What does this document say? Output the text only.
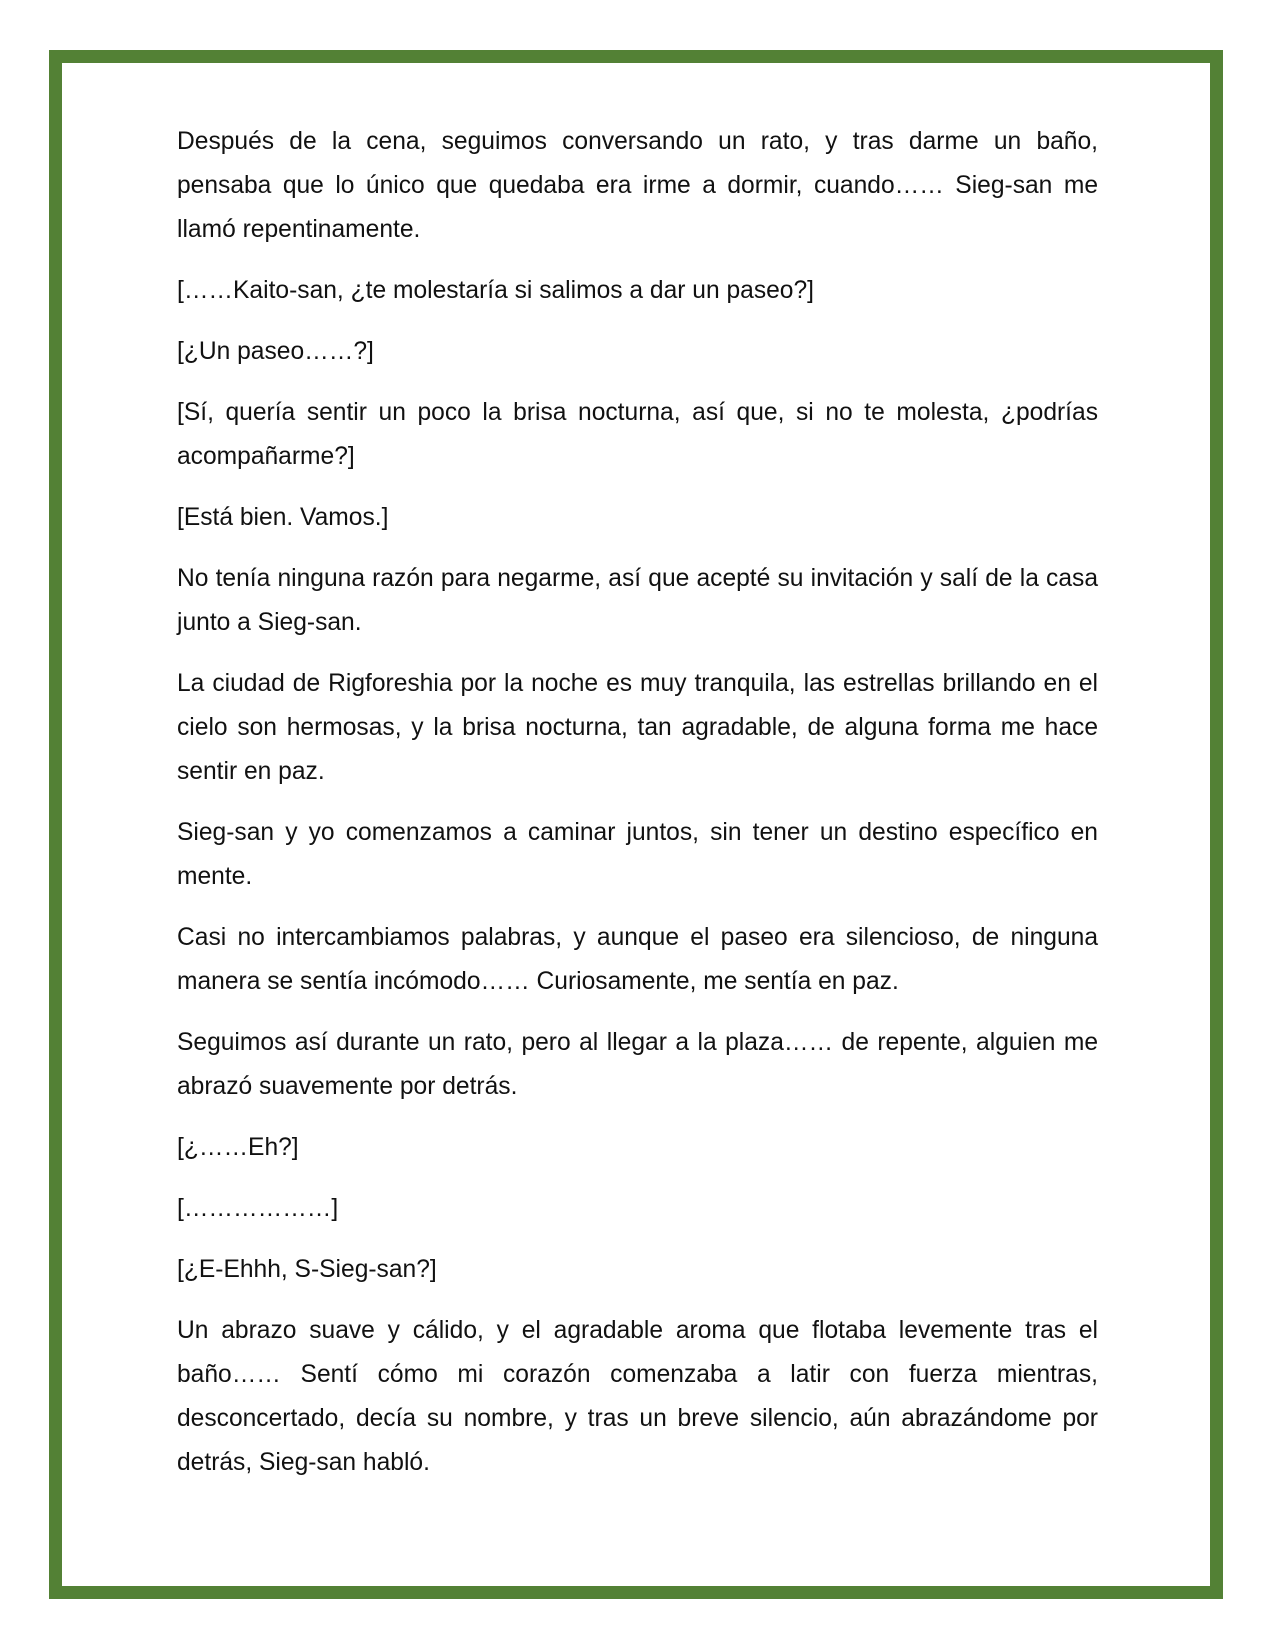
Después de la cena, seguimos conversando un rato, y tras darme un baño, pensaba que lo único que quedaba era irme a dormir, cuando…… Sieg-san me llamó repentinamente.

[……Kaito-san, ¿te molestaría si salimos a dar un paseo?]

[¿Un paseo……?]

[Sí, quería sentir un poco la brisa nocturna, así que, si no te molesta, ¿podrías acompañarme?]

[Está bien. Vamos.]

No tenía ninguna razón para negarme, así que acepté su invitación y salí de la casa junto a Sieg-san.

La ciudad de Rigforeshia por la noche es muy tranquila, las estrellas brillando en el cielo son hermosas, y la brisa nocturna, tan agradable, de alguna forma me hace sentir en paz.

Sieg-san y yo comenzamos a caminar juntos, sin tener un destino específico en mente.

Casi no intercambiamos palabras, y aunque el paseo era silencioso, de ninguna manera se sentía incómodo…… Curiosamente, me sentía en paz.

Seguimos así durante un rato, pero al llegar a la plaza…… de repente, alguien me abrazó suavemente por detrás.

[¿……Eh?]

[………………]

[¿E-Ehhh, S-Sieg-san?]

Un abrazo suave y cálido, y el agradable aroma que flotaba levemente tras el baño…… Sentí cómo mi corazón comenzaba a latir con fuerza mientras, desconcertado, decía su nombre, y tras un breve silencio, aún abrazándome por detrás, Sieg-san habló.
